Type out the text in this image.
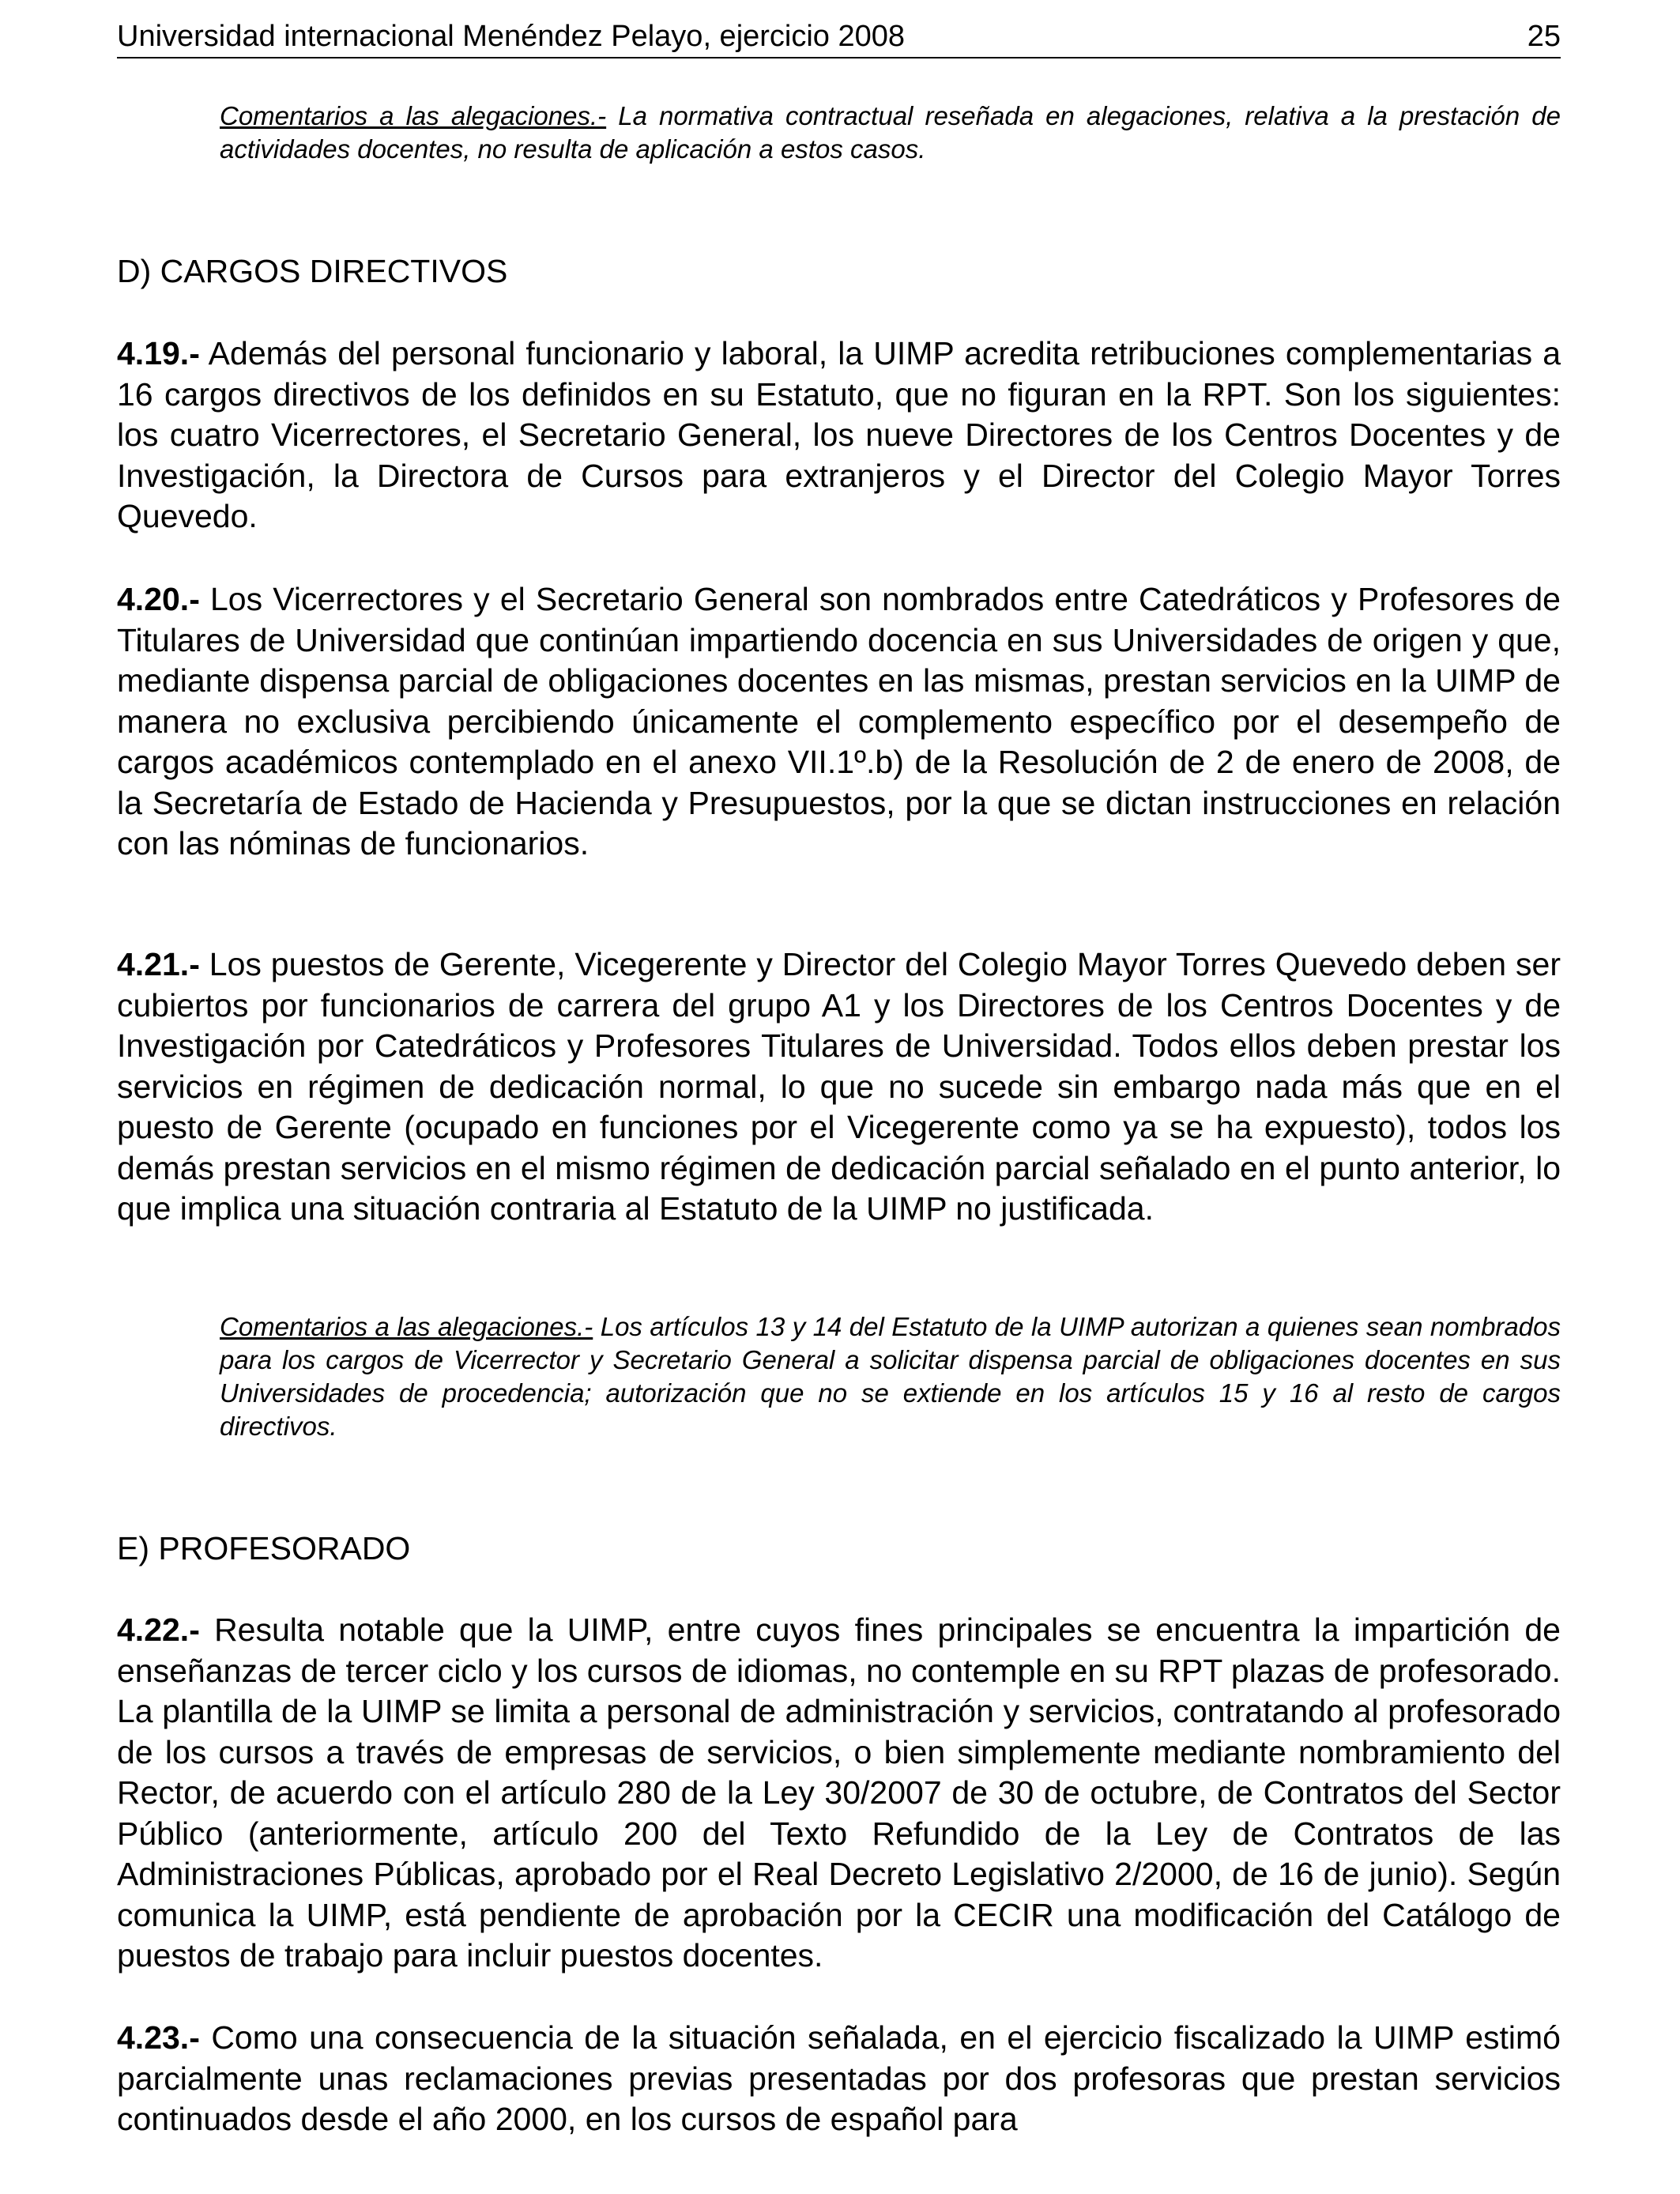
Universidad internacional Menéndez Pelayo, ejercicio 2008	25
Comentarios a las alegaciones.- La normativa contractual reseñada en alegaciones, relativa a la prestación de actividades docentes, no resulta de aplicación a estos casos.
D) CARGOS DIRECTIVOS
4.19.- Además del personal funcionario y laboral, la UIMP acredita retribuciones complementarias a 16 cargos directivos de los definidos en su Estatuto, que no figuran en la RPT. Son los siguientes: los cuatro Vicerrectores, el Secretario General, los nueve Directores de los Centros Docentes y de Investigación, la Directora de Cursos para extranjeros y el Director del Colegio Mayor Torres Quevedo.
4.20.- Los Vicerrectores y el Secretario General son nombrados entre Catedráticos y Profesores de Titulares de Universidad que continúan impartiendo docencia en sus Universidades de origen y que, mediante dispensa parcial de obligaciones docentes en las mismas, prestan servicios en la UIMP de manera no exclusiva percibiendo únicamente el complemento específico por el desempeño de cargos académicos contemplado en el anexo VII.1º.b) de la Resolución de 2 de enero de 2008, de la Secretaría de Estado de Hacienda y Presupuestos, por la que se dictan instrucciones en relación con las nóminas de funcionarios.
4.21.- Los puestos de Gerente, Vicegerente y Director del Colegio Mayor Torres Quevedo deben ser cubiertos por funcionarios de carrera del grupo A1 y los Directores de los Centros Docentes y de Investigación por Catedráticos y Profesores Titulares de Universidad. Todos ellos deben prestar los servicios en régimen de dedicación normal, lo que no sucede sin embargo nada más que en el puesto de Gerente (ocupado en funciones por el Vicegerente como ya se ha expuesto), todos los demás prestan servicios en el mismo régimen de dedicación parcial señalado en el punto anterior, lo que implica una situación contraria al Estatuto de la UIMP no justificada.
Comentarios a las alegaciones.- Los artículos 13 y 14 del Estatuto de la UIMP autorizan a quienes sean nombrados para los cargos de Vicerrector y Secretario General a solicitar dispensa parcial de obligaciones docentes en sus Universidades de procedencia; autorización que no se extiende en los artículos 15 y 16 al resto de cargos directivos.
E) PROFESORADO
4.22.- Resulta notable que la UIMP, entre cuyos fines principales se encuentra la impartición de enseñanzas de tercer ciclo y los cursos de idiomas, no contemple en su RPT plazas de profesorado. La plantilla de la UIMP se limita a personal de administración y servicios, contratando al profesorado de los cursos a través de empresas de servicios, o bien simplemente mediante nombramiento del Rector, de acuerdo con el artículo 280 de la Ley 30/2007 de 30 de octubre, de Contratos del Sector Público (anteriormente, artículo 200 del Texto Refundido de la Ley de Contratos de las Administraciones Públicas, aprobado por el Real Decreto Legislativo 2/2000, de 16 de junio). Según comunica la UIMP, está pendiente de aprobación por la CECIR una modificación del Catálogo de puestos de trabajo para incluir puestos docentes.
4.23.- Como una consecuencia de la situación señalada, en el ejercicio fiscalizado la UIMP estimó parcialmente unas reclamaciones previas presentadas por dos profesoras que prestan servicios continuados desde el año 2000, en los cursos de español para
